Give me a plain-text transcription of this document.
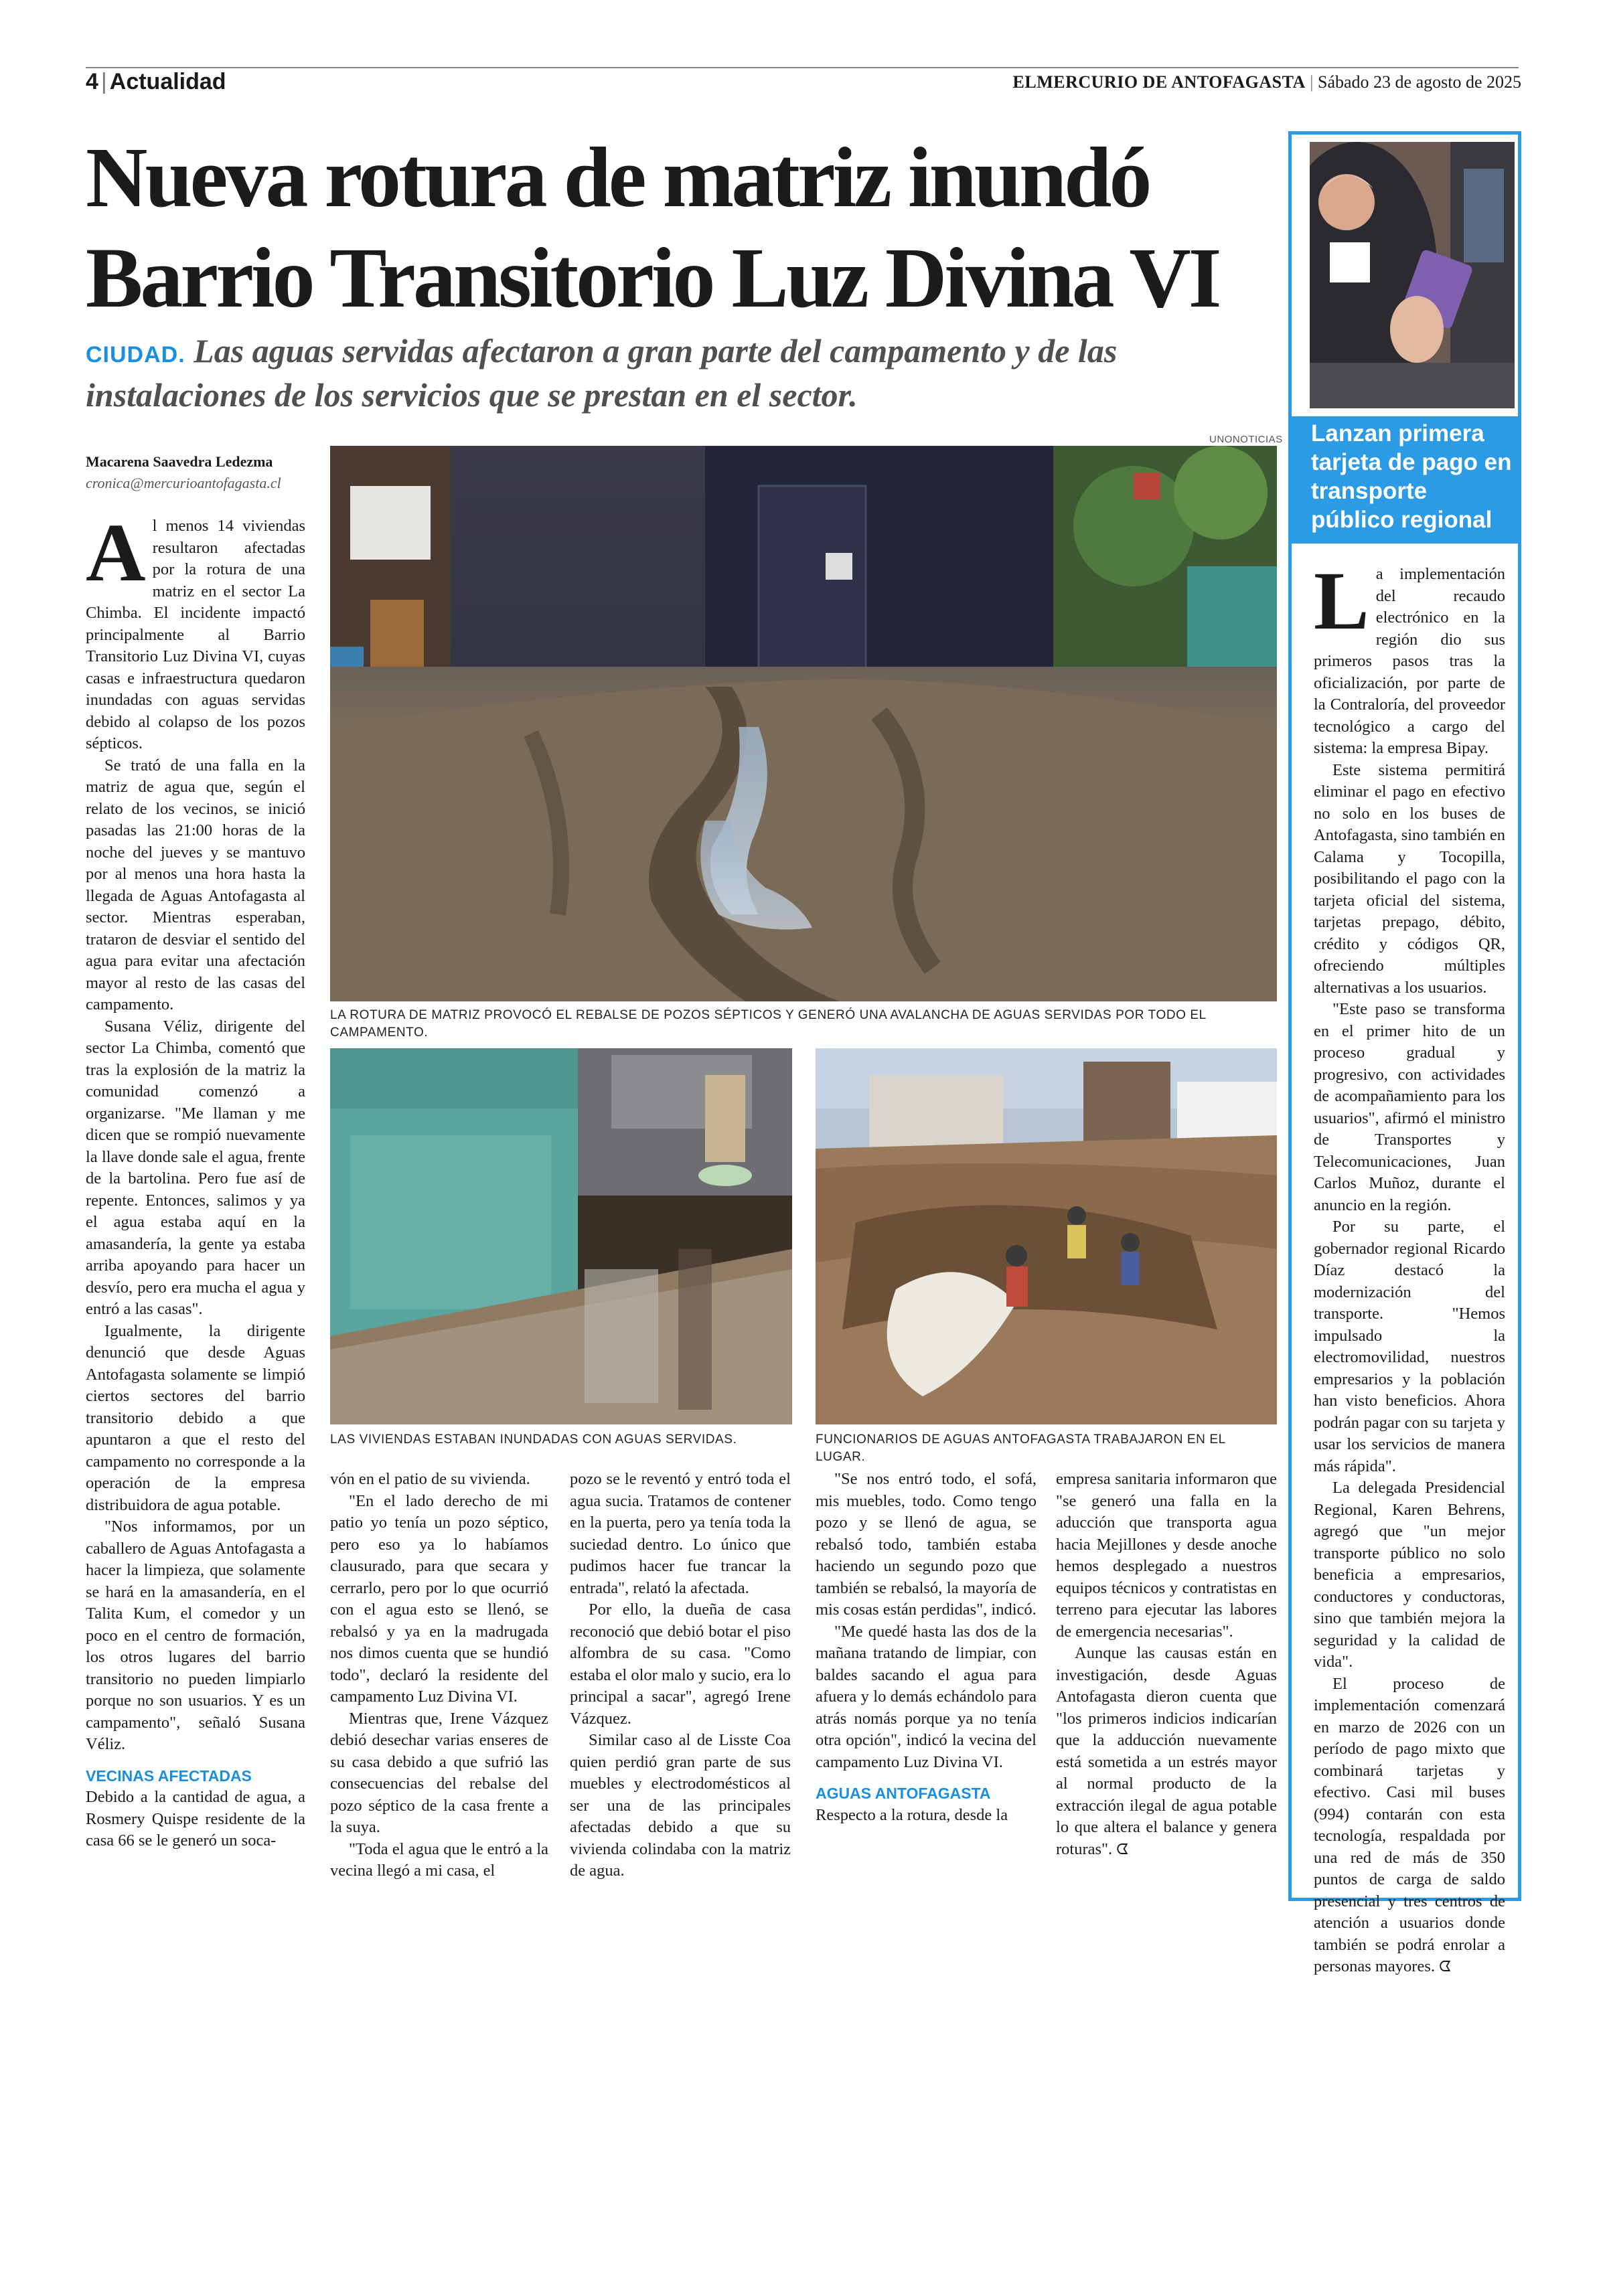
4 | Actualidad	ELMERCURIO DE ANTOFAGASTA | Sábado 23 de agosto de 2025
Nueva rotura de matriz inundó
Barrio Transitorio Luz Divina VI
CIUDAD. Las aguas servidas afectaron a gran parte del campamento y de las instalaciones de los servicios que se prestan en el sector.
Macarena Saavedra Ledezma
cronica@mercurioantofagasta.cl

Al menos 14 viviendas resultaron afectadas por la rotura de una matriz en el sector La Chimba. El incidente impactó principalmente al Barrio Transitorio Luz Divina VI, cuyas casas e infraestructura quedaron inundadas con aguas servidas debido al colapso de los pozos sépticos.

Se trató de una falla en la matriz de agua que, según el relato de los vecinos, se inició pasadas las 21:00 horas de la noche del jueves y se mantuvo por al menos una hora hasta la llegada de Aguas Antofagasta al sector. Mientras esperaban, trataron de desviar el sentido del agua para evitar una afectación mayor al resto de las casas del campamento.

Susana Véliz, dirigente del sector La Chimba, comentó que tras la explosión de la matriz la comunidad comenzó a organizarse. "Me llaman y me dicen que se rompió nuevamente la llave donde sale el agua, frente de la bartolina. Pero fue así de repente. Entonces, salimos y ya el agua estaba aquí en la amasandería, la gente ya estaba arriba apoyando para hacer un desvío, pero era mucha el agua y entró a las casas".

Igualmente, la dirigente denunció que desde Aguas Antofagasta solamente se limpió ciertos sectores del barrio transitorio debido a que apuntaron a que el resto del campamento no corresponde a la operación de la empresa distribuidora de agua potable.

"Nos informamos, por un caballero de Aguas Antofagasta a hacer la limpieza, que solamente se hará en la amasandería, en el Talita Kum, el comedor y un poco en el centro de formación, los otros lugares del barrio transitorio no pueden limpiarlo porque no son usuarios. Y es un campamento", señaló Susana Véliz.

VECINAS AFECTADAS

Debido a la cantidad de agua, a Rosmery Quispe residente de la casa 66 se le generó un soca-

UNONOTICIAS
LA ROTURA DE MATRIZ PROVOCÓ EL REBALSE DE POZOS SÉPTICOS Y GENERÓ UNA AVALANCHA DE AGUAS SERVIDAS POR TODO EL CAMPAMENTO.
LAS VIVIENDAS ESTABAN INUNDADAS CON AGUAS SERVIDAS.	FUNCIONARIOS DE AGUAS ANTOFAGASTA TRABAJARON EN EL LUGAR.

vón en el patio de su vivienda.

"En el lado derecho de mi patio yo tenía un pozo séptico, pero eso ya lo habíamos clausurado, para que secara y cerrarlo, pero por lo que ocurrió con el agua esto se llenó, se rebalsó y ya en la madrugada nos dimos cuenta que se hundió todo", declaró la residente del campamento Luz Divina VI.

Mientras que, Irene Vázquez debió desechar varias enseres de su casa debido a que sufrió las consecuencias del rebalse del pozo séptico de la casa frente a la suya.

"Toda el agua que le entró a la vecina llegó a mi casa, el

pozo se le reventó y entró toda el agua sucia. Tratamos de contener en la puerta, pero ya tenía toda la suciedad dentro. Lo único que pudimos hacer fue trancar la entrada", relató la afectada.

Por ello, la dueña de casa reconoció que debió botar el piso alfombra de su casa. "Como estaba el olor malo y sucio, era lo principal a sacar", agregó Irene Vázquez.

Similar caso al de Lisste Coa quien perdió gran parte de sus muebles y electrodomésticos al ser una de las principales afectadas debido a que su vivienda colindaba con la matriz de agua.

"Se nos entró todo, el sofá, mis muebles, todo. Como tengo pozo y se llenó de agua, se rebalsó todo, también estaba haciendo un segundo pozo que también se rebalsó, la mayoría de mis cosas están perdidas", indicó.

"Me quedé hasta las dos de la mañana tratando de limpiar, con baldes sacando el agua para afuera y lo demás echándolo para atrás nomás porque ya no tenía otra opción", indicó la vecina del campamento Luz Divina VI.

AGUAS ANTOFAGASTA

Respecto a la rotura, desde la

empresa sanitaria informaron que "se generó una falla en la aducción que transporta agua hacia Mejillones y desde anoche hemos desplegado a nuestros equipos técnicos y contratistas en terreno para ejecutar las labores de emergencia necesarias".

Aunque las causas están en investigación, desde Aguas Antofagasta dieron cuenta que "los primeros indicios indicarían que la adducción nuevamente está sometida a un estrés mayor al normal producto de la extracción ilegal de agua potable lo que altera el balance y genera roturas". ᗧ

Lanzan primera tarjeta de pago en transporte público regional

La implementación del recaudo electrónico en la región dio sus primeros pasos tras la oficialización, por parte de la Contraloría, del proveedor tecnológico a cargo del sistema: la empresa Bipay.

Este sistema permitirá eliminar el pago en efectivo no solo en los buses de Antofagasta, sino también en Calama y Tocopilla, posibilitando el pago con la tarjeta oficial del sistema, tarjetas prepago, débito, crédito y códigos QR, ofreciendo múltiples alternativas a los usuarios.

"Este paso se transforma en el primer hito de un proceso gradual y progresivo, con actividades de acompañamiento para los usuarios", afirmó el ministro de Transportes y Telecomunicaciones, Juan Carlos Muñoz, durante el anuncio en la región.

Por su parte, el gobernador regional Ricardo Díaz destacó la modernización del transporte. "Hemos impulsado la electromovilidad, nuestros empresarios y la población han visto beneficios. Ahora podrán pagar con su tarjeta y usar los servicios de manera más rápida".

La delegada Presidencial Regional, Karen Behrens, agregó que "un mejor transporte público no solo beneficia a empresarios, conductores y conductoras, sino que también mejora la seguridad y la calidad de vida".

El proceso de implementación comenzará en marzo de 2026 con un período de pago mixto que combinará tarjetas y efectivo. Casi mil buses (994) contarán con esta tecnología, respaldada por una red de más de 350 puntos de carga de saldo presencial y tres centros de atención a usuarios donde también se podrá enrolar a personas mayores. ᗧ
